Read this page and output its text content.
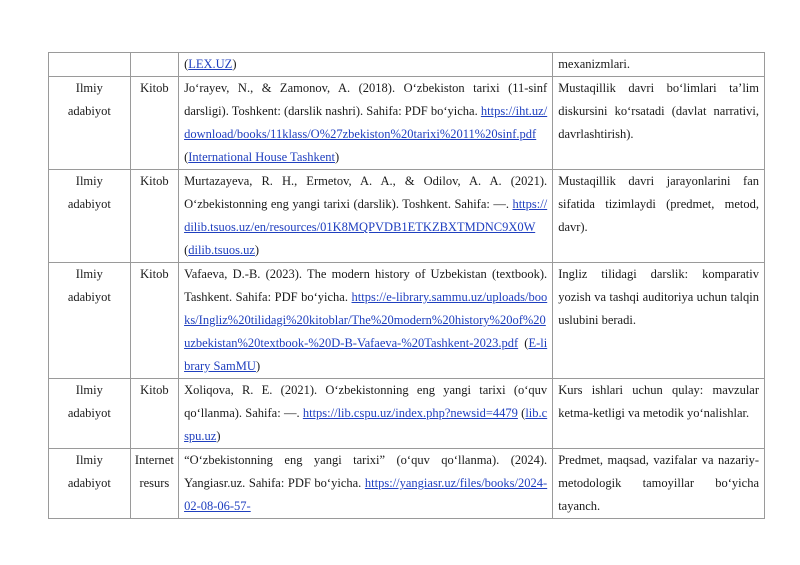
		(LEX.UZ)	mexanizmlari.
Ilmiy adabiyot	Kitob	Jo‘rayev, N., & Zamonov, A. (2018). O‘zbekiston tarixi (11-sinf darsligi). Toshkent: (darslik nashri). Sahifa: PDF bo‘yicha. https://iht.uz/download/books/11klass/O%27zbekiston%20tarixi%2011%20sinf.pdf (International House Tashkent)	Mustaqillik davri bo‘limlari ta’lim diskursini ko‘rsatadi (davlat narrativi, davrlashtirish).
Ilmiy adabiyot	Kitob	Murtazayeva, R. H., Ermetov, A. A., & Odilov, A. A. (2021). O‘zbekistonning eng yangi tarixi (darslik). Toshkent. Sahifa: —. https://dilib.tsuos.uz/en/resources/01K8MQPVDB1ETKZBXTMDNC9X0W (dilib.tsuos.uz)	Mustaqillik davri jarayonlarini fan sifatida tizimlaydi (predmet, metod, davr).
Ilmiy adabiyot	Kitob	Vafaeva, D.-B. (2023). The modern history of Uzbekistan (textbook). Tashkent. Sahifa: PDF bo‘yicha. https://e-library.sammu.uz/uploads/books/Ingliz%20tilidagi%20kitoblar/The%20modern%20history%20of%20uzbekistan%20textbook-%20D-B-Vafaeva-%20Tashkent-2023.pdf (E-library SamMU)	Ingliz tilidagi darslik: komparativ yozish va tashqi auditoriya uchun talqin uslubini beradi.
Ilmiy adabiyot	Kitob	Xoliqova, R. E. (2021). O‘zbekistonning eng yangi tarixi (o‘quv qo‘llanma). Sahifa: —. https://lib.cspu.uz/index.php?newsid=4479 (lib.cspu.uz)	Kurs ishlari uchun qulay: mavzular ketma-ketligi va metodik yo‘nalishlar.
Ilmiy adabiyot	Internet resurs	“O‘zbekistonning eng yangi tarixi” (o‘quv qo‘llanma). (2024). Yangiasr.uz. Sahifa: PDF bo‘yicha. https://yangiasr.uz/files/books/2024-02-08-06-57-	Predmet, maqsad, vazifalar va nazariy-metodologik tamoyillar bo‘yicha tayanch.
